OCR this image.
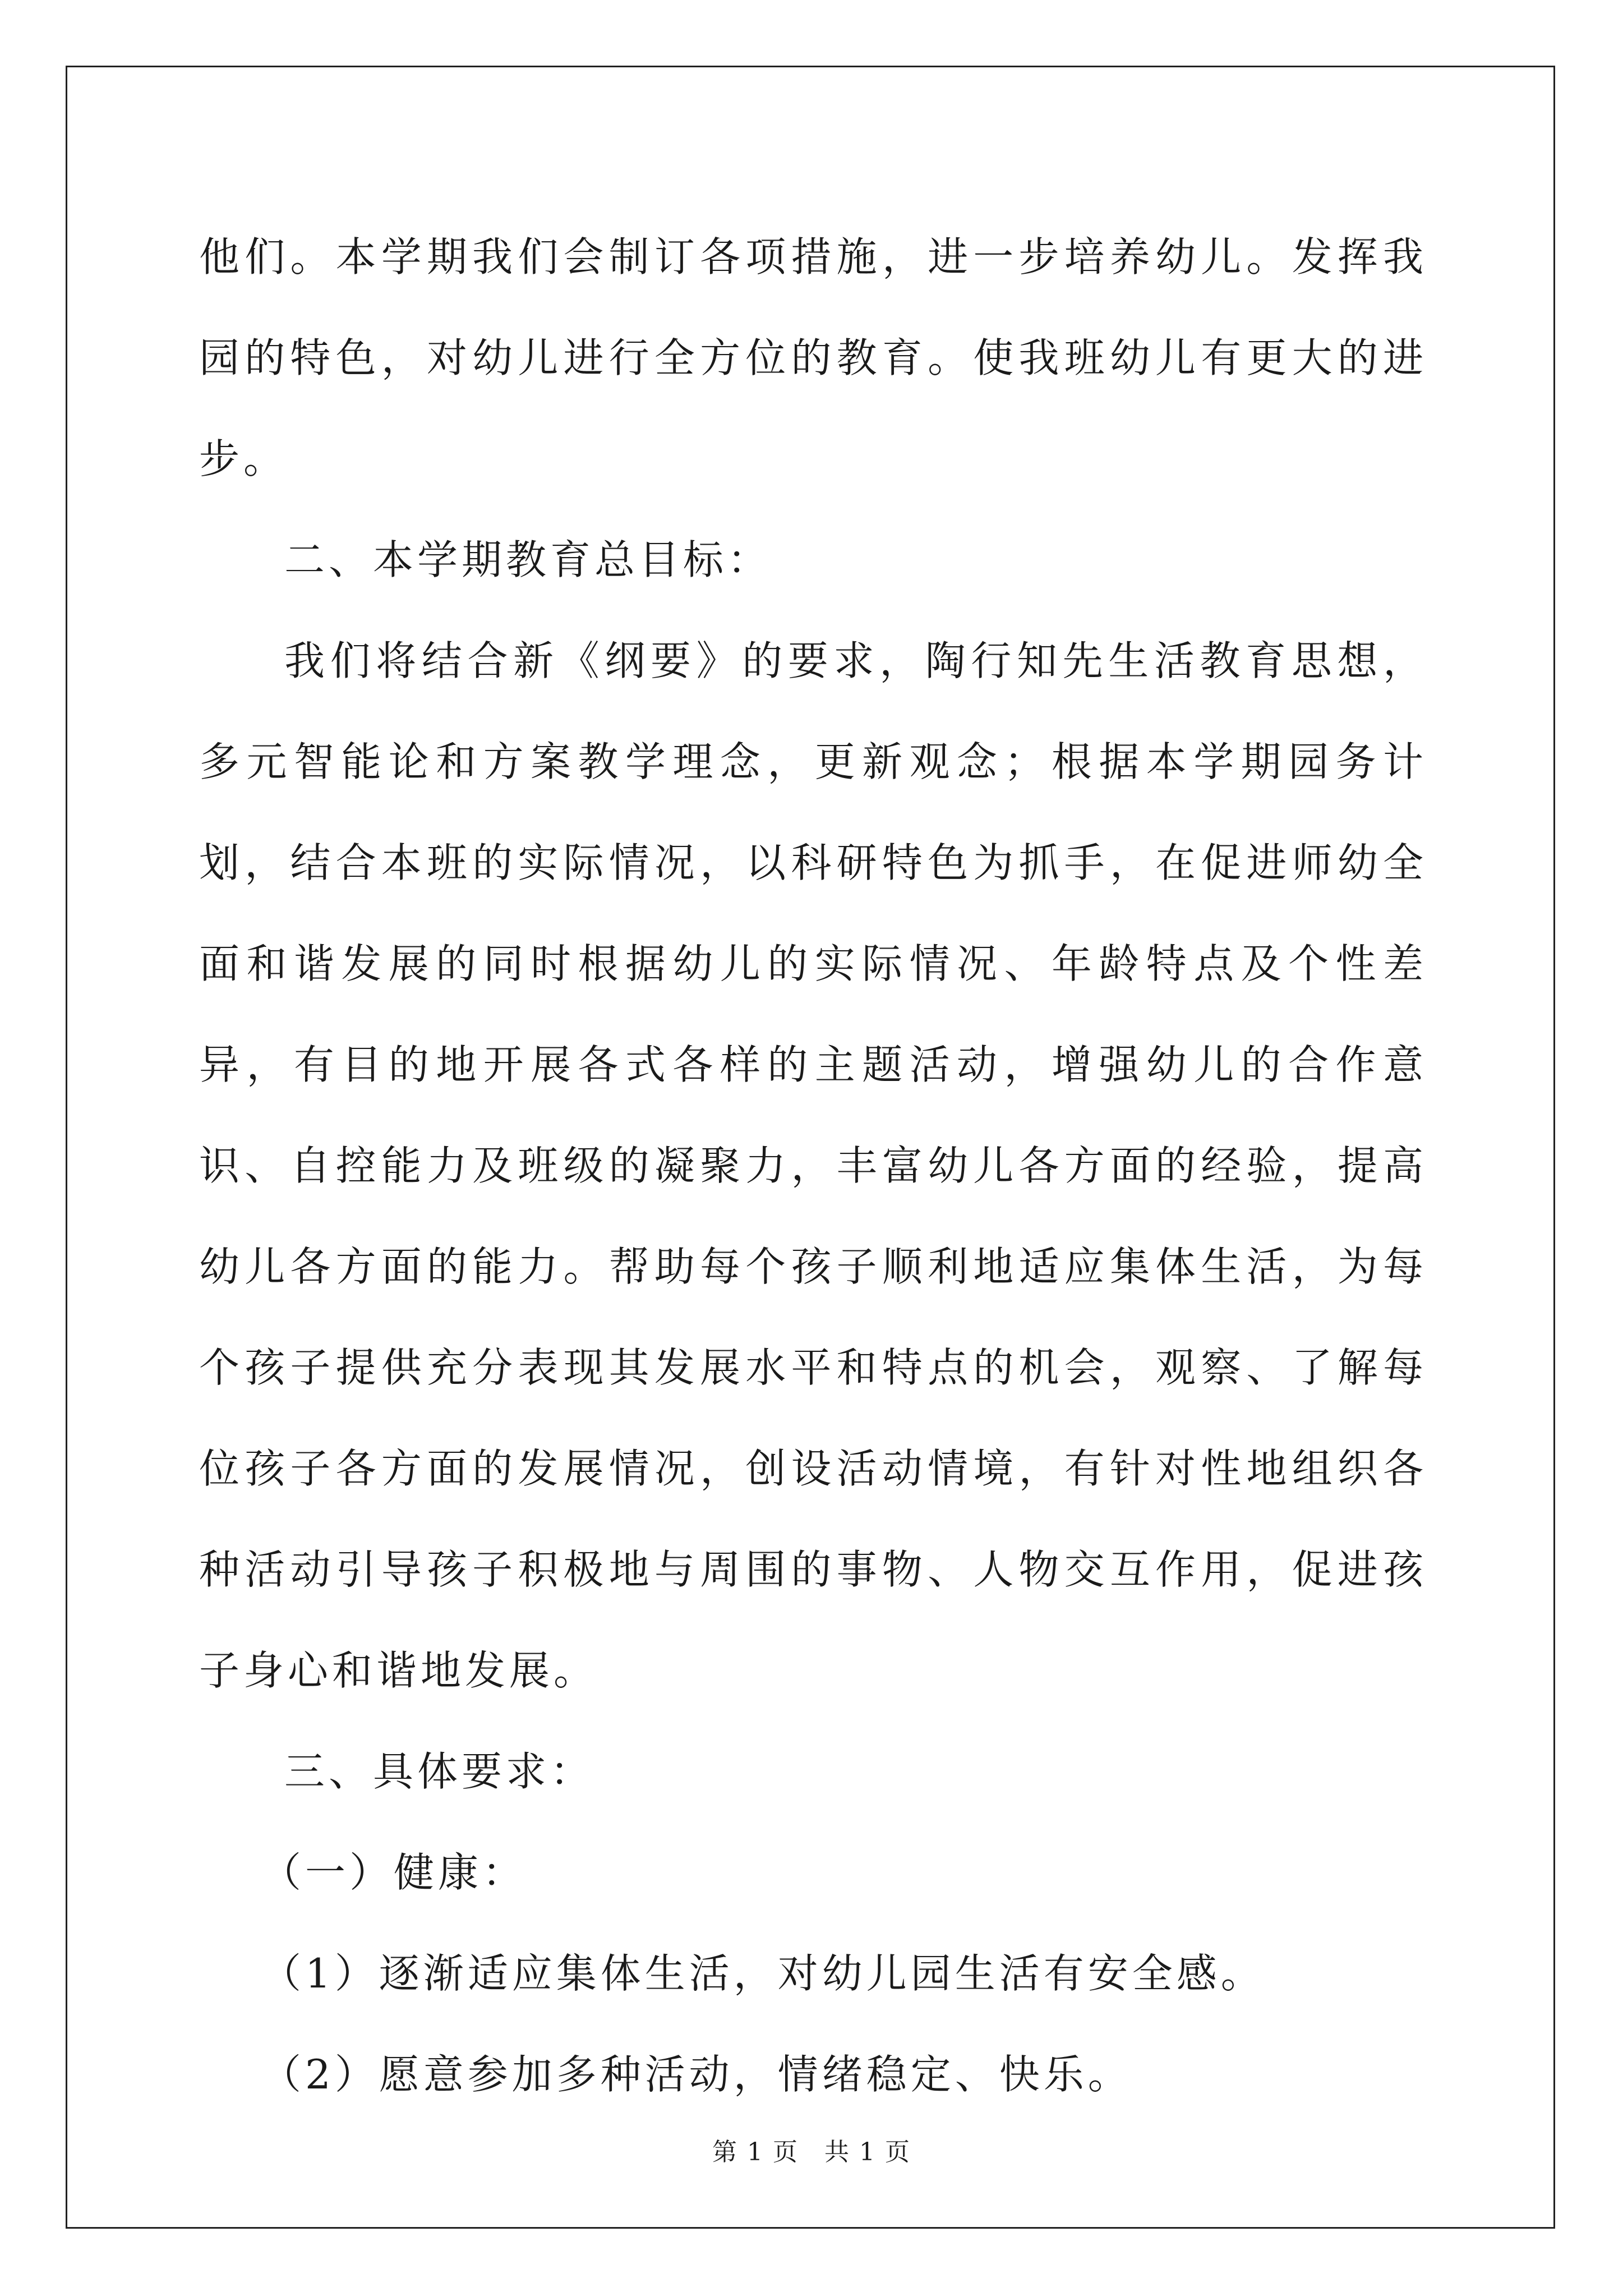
他们。本学期我们会制订各项措施，进一步培养幼儿。发挥我园的特色，对幼儿进行全方位的教育。使我班幼儿有更大的进步。

二、本学期教育总目标：

我们将结合新《纲要》的要求，陶行知先生活教育思想，多元智能论和方案教学理念，更新观念；根据本学期园务计划，结合本班的实际情况，以科研特色为抓手，在促进师幼全面和谐发展的同时根据幼儿的实际情况、年龄特点及个性差异，有目的地开展各式各样的主题活动，增强幼儿的合作意识、自控能力及班级的凝聚力，丰富幼儿各方面的经验，提高幼儿各方面的能力。帮助每个孩子顺利地适应集体生活，为每个孩子提供充分表现其发展水平和特点的机会，观察、了解每位孩子各方面的发展情况，创设活动情境，有针对性地组织各种活动引导孩子积极地与周围的事物、人物交互作用，促进孩子身心和谐地发展。

三、具体要求：

（一）健康：

（1）逐渐适应集体生活，对幼儿园生活有安全感。

（2）愿意参加多种活动，情绪稳定、快乐。

第 1 页　共 1 页
